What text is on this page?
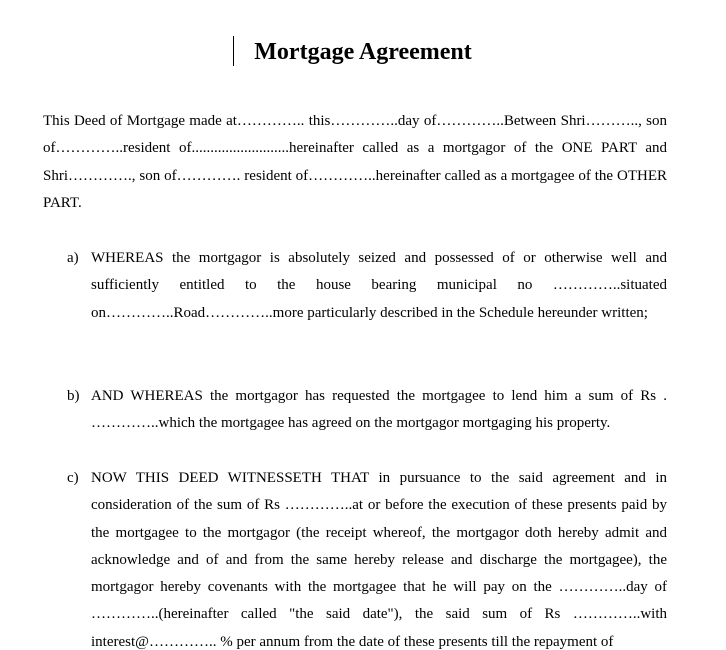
Mortgage Agreement

This Deed of Mortgage made at………….. this…………..day of…………..Between Shri……….., son of…………..resident of..........................hereinafter called as a mortgagor of the ONE PART and Shri…………., son of…………. resident of…………..hereinafter called as a mortgagee of the OTHER PART.

a) WHEREAS the mortgagor is absolutely seized and possessed of or otherwise well and sufficiently entitled to the house bearing municipal no …………..situated on…………..Road…………..more particularly described in the Schedule hereunder written;

b) AND WHEREAS the mortgagor has requested the mortgagee to lend him a sum of Rs . …………..which the mortgagee has agreed on the mortgagor mortgaging his property.

c) NOW THIS DEED WITNESSETH THAT in pursuance to the said agreement and in consideration of the sum of Rs …………..at or before the execution of these presents paid by the mortgagee to the mortgagor (the receipt whereof, the mortgagor doth hereby admit and acknowledge and of and from the same hereby release and discharge the mortgagee), the mortgagor hereby covenants with the mortgagee that he will pay on the …………..day of …………..(hereinafter called "the said date"), the said sum of Rs …………..with interest@………….. % per annum from the date of these presents till the repayment of
